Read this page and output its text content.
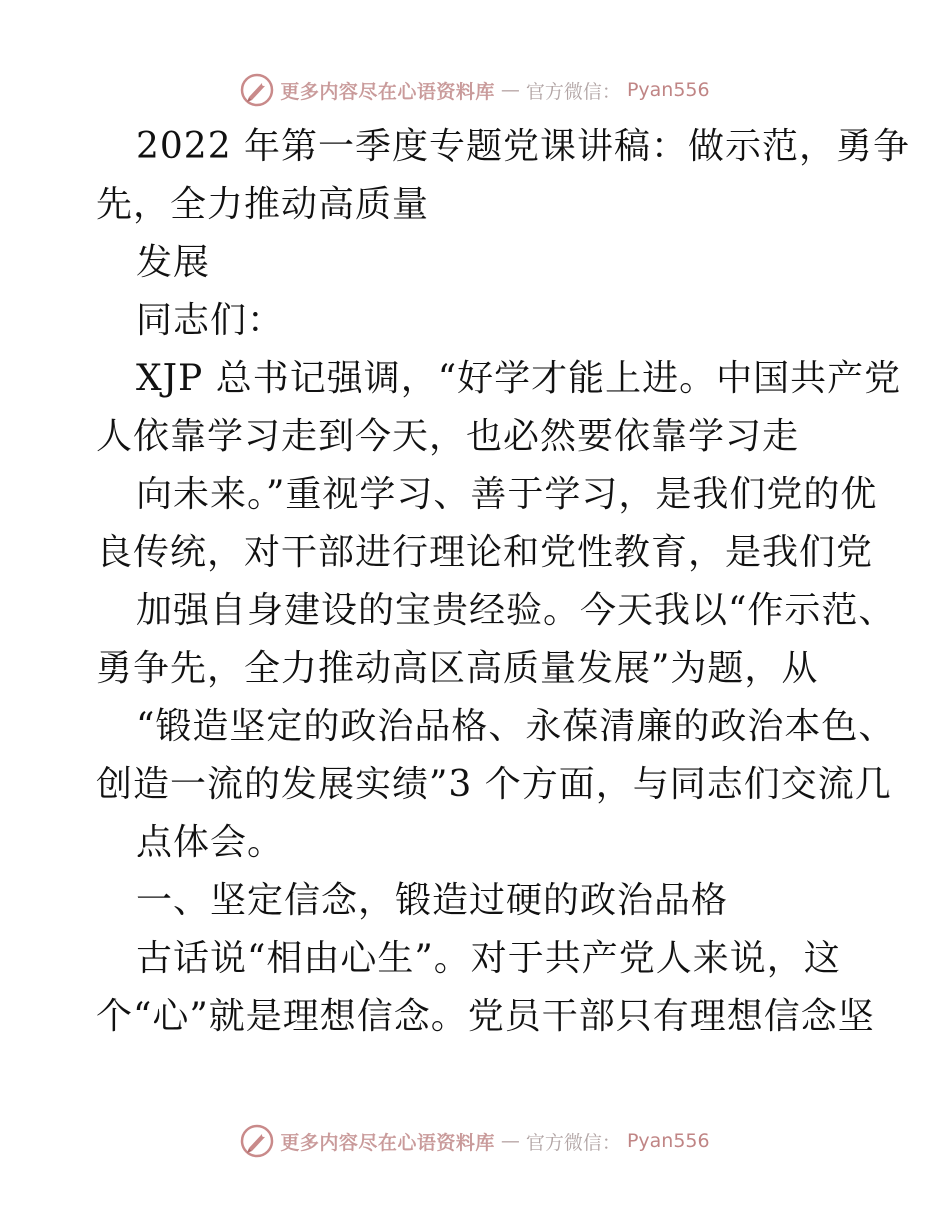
更多内容尽在心语资料库 — 官方微信： Pyan556
2022 年第一季度专题党课讲稿：做示范，勇争
先，全力推动高质量
发展
同志们：
XJP 总书记强调，“好学才能上进。中国共产党
人依靠学习走到今天，也必然要依靠学习走
向未来。”重视学习、善于学习，是我们党的优
良传统，对干部进行理论和党性教育，是我们党
加强自身建设的宝贵经验。今天我以“作示范、
勇争先，全力推动高区高质量发展”为题，从
“锻造坚定的政治品格、永葆清廉的政治本色、
创造一流的发展实绩”3 个方面，与同志们交流几
点体会。
一、坚定信念，锻造过硬的政治品格
古话说“相由心生”。对于共产党人来说，这
个“心”就是理想信念。党员干部只有理想信念坚
更多内容尽在心语资料库 — 官方微信： Pyan556
